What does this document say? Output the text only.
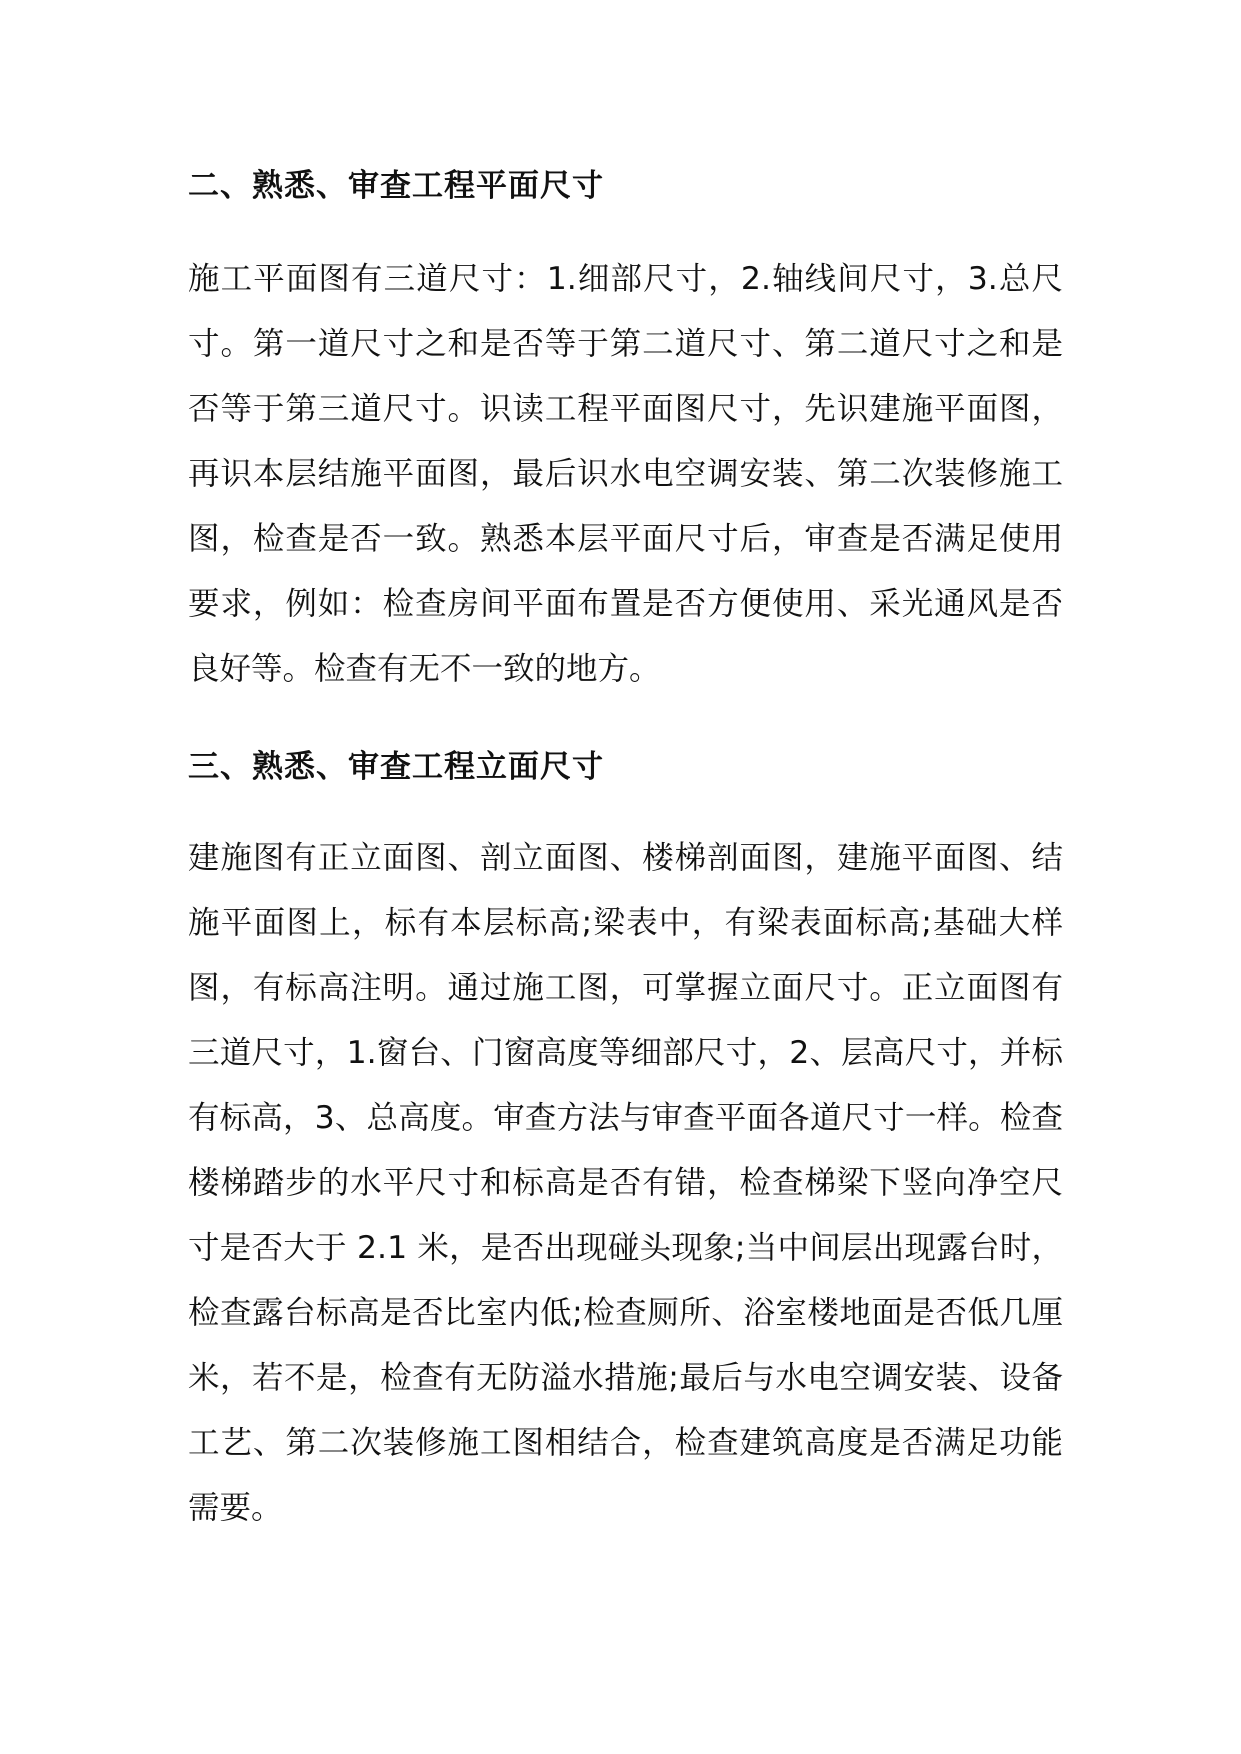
二、熟悉、审查工程平面尺寸

施工平面图有三道尺寸：1.细部尺寸，2.轴线间尺寸，3.总尺寸。第一道尺寸之和是否等于第二道尺寸、第二道尺寸之和是否等于第三道尺寸。识读工程平面图尺寸，先识建施平面图，再识本层结施平面图，最后识水电空调安装、第二次装修施工图，检查是否一致。熟悉本层平面尺寸后，审查是否满足使用要求，例如：检查房间平面布置是否方便使用、采光通风是否良好等。检查有无不一致的地方。

三、熟悉、审查工程立面尺寸

建施图有正立面图、剖立面图、楼梯剖面图，建施平面图、结施平面图上，标有本层标高;梁表中，有梁表面标高;基础大样图，有标高注明。通过施工图，可掌握立面尺寸。正立面图有三道尺寸，1.窗台、门窗高度等细部尺寸，2、层高尺寸，并标有标高，3、总高度。审查方法与审查平面各道尺寸一样。检查楼梯踏步的水平尺寸和标高是否有错，检查梯梁下竖向净空尺寸是否大于 2.1 米，是否出现碰头现象;当中间层出现露台时，检查露台标高是否比室内低;检查厕所、浴室楼地面是否低几厘米，若不是，检查有无防溢水措施;最后与水电空调安装、设备工艺、第二次装修施工图相结合，检查建筑高度是否满足功能需要。
